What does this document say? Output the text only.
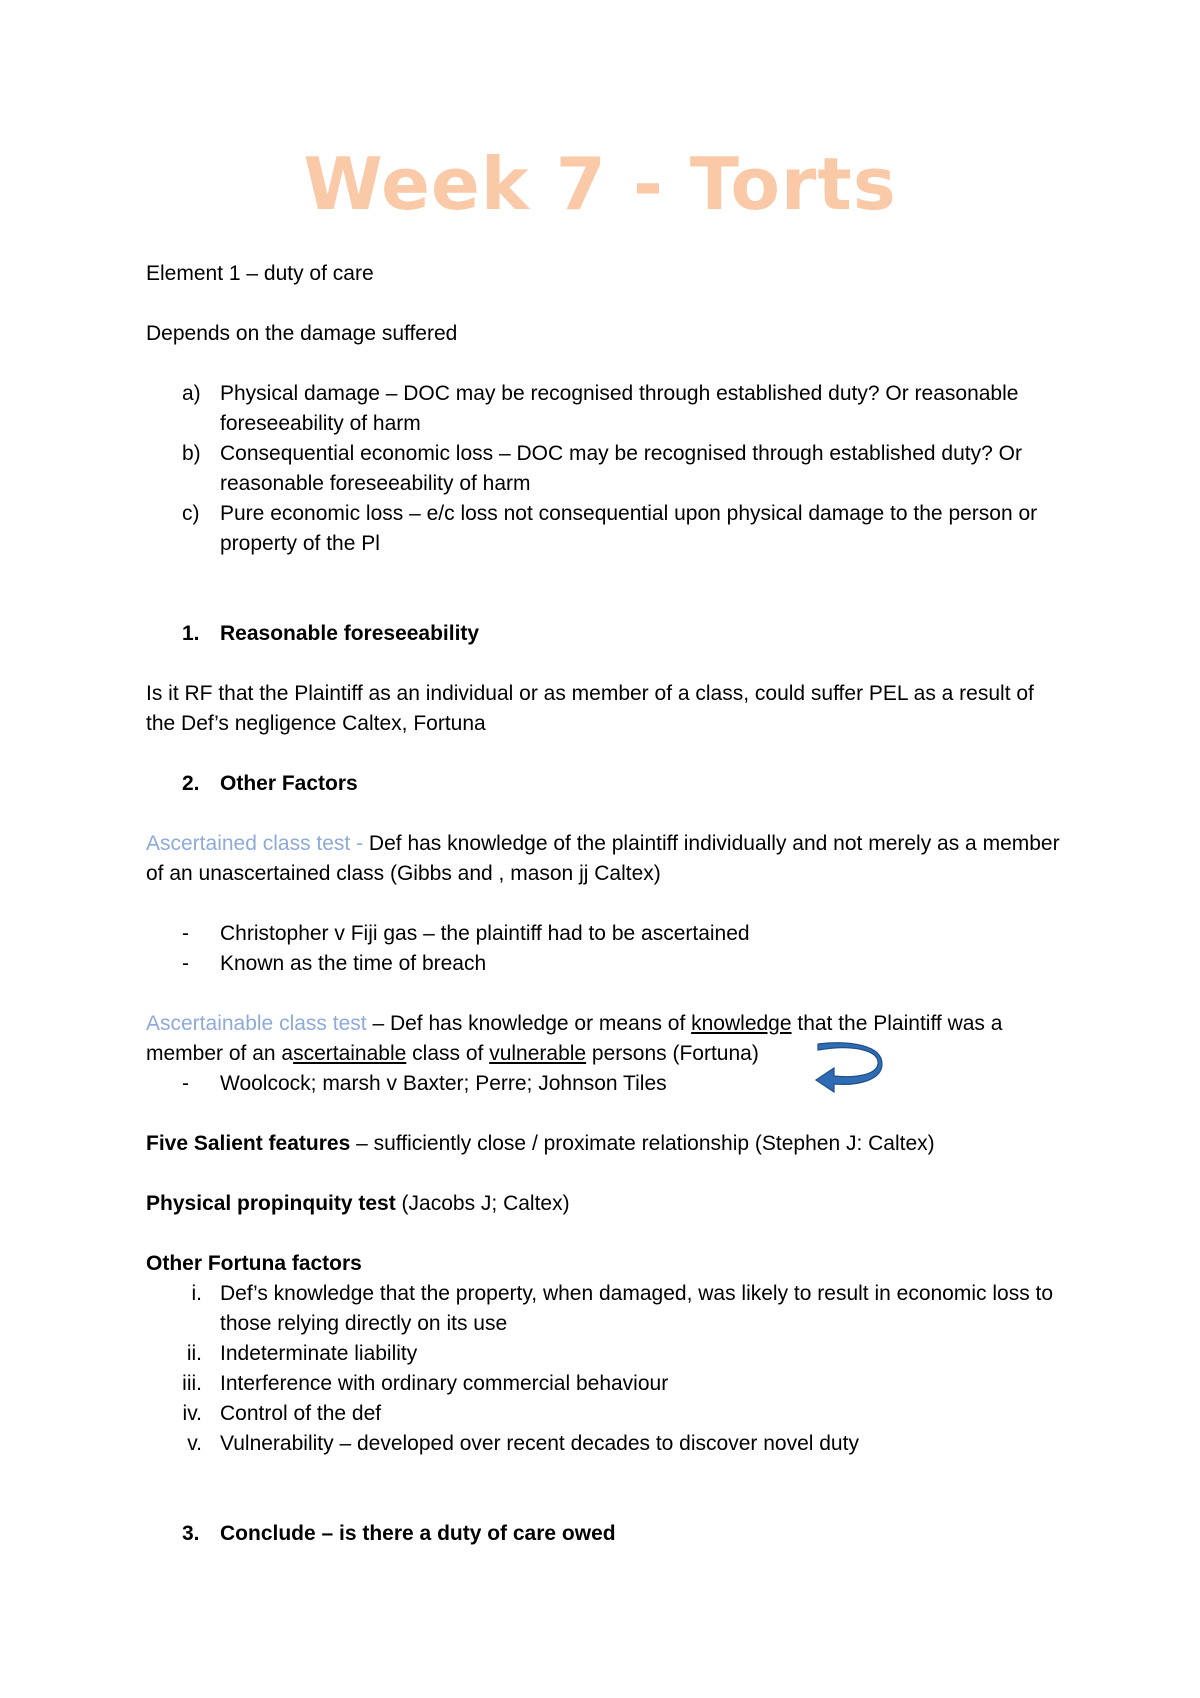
Week 7 - Torts

Element 1 – duty of care

Depends on the damage suffered

a) Physical damage – DOC may be recognised through established duty? Or reasonable foreseeability of harm
b) Consequential economic loss – DOC may be recognised through established duty? Or reasonable foreseeability of harm
c) Pure economic loss – e/c loss not consequential upon physical damage to the person or property of the Pl
1. Reasonable foreseeability

Is it RF that the Plaintiff as an individual or as member of a class, could suffer PEL as a result of the Def’s negligence Caltex, Fortuna

2. Other Factors

Ascertained class test - Def has knowledge of the plaintiff individually and not merely as a member of an unascertained class (Gibbs and , mason jj Caltex)

-	Christopher v Fiji gas – the plaintiff had to be ascertained
-	Known as the time of breach

Ascertainable class test – Def has knowledge or means of knowledge that the Plaintiff was a member of an ascertainable class of vulnerable persons (Fortuna)

-	Woolcock; marsh v Baxter; Perre; Johnson Tiles

Five Salient features – sufficiently close / proximate relationship (Stephen J: Caltex)

Physical propinquity test (Jacobs J; Caltex)

Other Fortuna factors

i. Def’s knowledge that the property, when damaged, was likely to result in economic loss to those relying directly on its use
ii. Indeterminate liability
iii. Interference with ordinary commercial behaviour
iv. Control of the def
v. Vulnerability – developed over recent decades to discover novel duty
3. Conclude – is there a duty of care owed
